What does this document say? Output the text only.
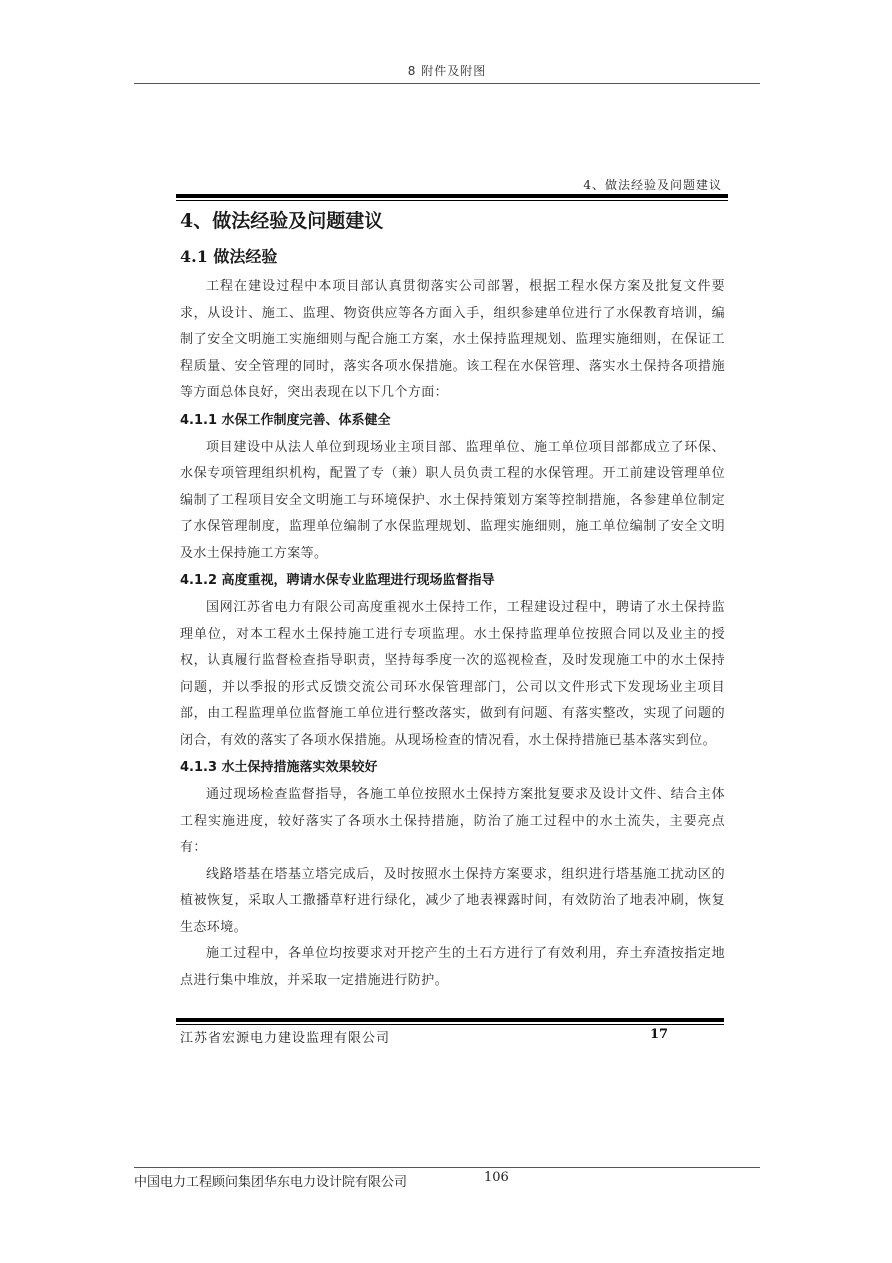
8 附件及附图
4、做法经验及问题建议
4、做法经验及问题建议
4.1 做法经验

工程在建设过程中本项目部认真贯彻落实公司部署，根据工程水保方案及批复文件要求，从设计、施工、监理、物资供应等各方面入手，组织参建单位进行了水保教育培训，编制了安全文明施工实施细则与配合施工方案，水土保持监理规划、监理实施细则，在保证工程质量、安全管理的同时，落实各项水保措施。该工程在水保管理、落实水土保持各项措施等方面总体良好，突出表现在以下几个方面：

4.1.1 水保工作制度完善、体系健全

项目建设中从法人单位到现场业主项目部、监理单位、施工单位项目部都成立了环保、水保专项管理组织机构，配置了专（兼）职人员负责工程的水保管理。开工前建设管理单位编制了工程项目安全文明施工与环境保护、水土保持策划方案等控制措施，各参建单位制定了水保管理制度，监理单位编制了水保监理规划、监理实施细则，施工单位编制了安全文明及水土保持施工方案等。

4.1.2 高度重视，聘请水保专业监理进行现场监督指导

国网江苏省电力有限公司高度重视水土保持工作，工程建设过程中，聘请了水土保持监理单位，对本工程水土保持施工进行专项监理。水土保持监理单位按照合同以及业主的授权，认真履行监督检查指导职责，坚持每季度一次的巡视检查，及时发现施工中的水土保持问题，并以季报的形式反馈交流公司环水保管理部门，公司以文件形式下发现场业主项目部，由工程监理单位监督施工单位进行整改落实，做到有问题、有落实整改，实现了问题的闭合，有效的落实了各项水保措施。从现场检查的情况看，水土保持措施已基本落实到位。

4.1.3 水土保持措施落实效果较好

通过现场检查监督指导，各施工单位按照水土保持方案批复要求及设计文件、结合主体工程实施进度，较好落实了各项水土保持措施，防治了施工过程中的水土流失，主要亮点有：

线路塔基在塔基立塔完成后，及时按照水土保持方案要求，组织进行塔基施工扰动区的植被恢复，采取人工撒播草籽进行绿化，减少了地表裸露时间，有效防治了地表冲刷，恢复生态环境。

施工过程中，各单位均按要求对开挖产生的土石方进行了有效利用，弃土弃渣按指定地点进行集中堆放，并采取一定措施进行防护。

江苏省宏源电力建设监理有限公司	17
中国电力工程顾问集团华东电力设计院有限公司	106
